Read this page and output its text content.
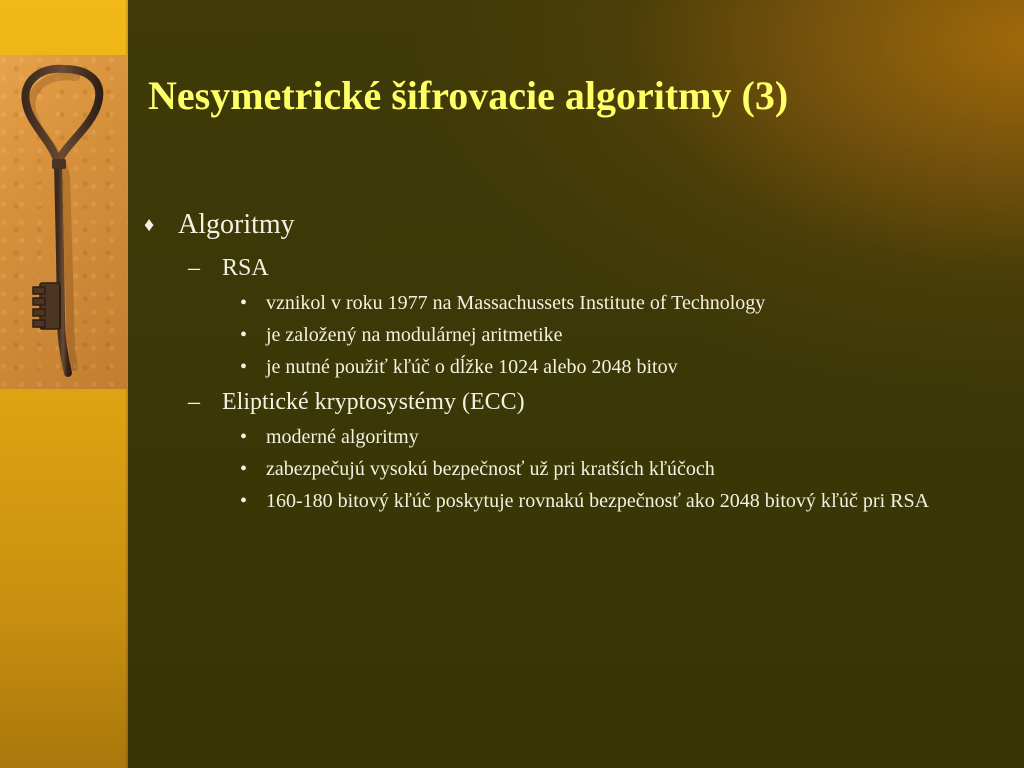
Nesymetrické šifrovacie algoritmy (3)
♦ Algoritmy
– RSA
• vznikol v roku 1977 na Massachussets Institute of Technology
• je založený na modulárnej aritmetike
• je nutné použiť kľúč o dĺžke 1024 alebo 2048 bitov
– Eliptické kryptosystémy (ECC)
• moderné algoritmy
• zabezpečujú vysokú bezpečnosť už pri kratších kľúčoch
• 160-180 bitový kľúč poskytuje rovnakú bezpečnosť ako 2048 bitový kľúč pri RSA
